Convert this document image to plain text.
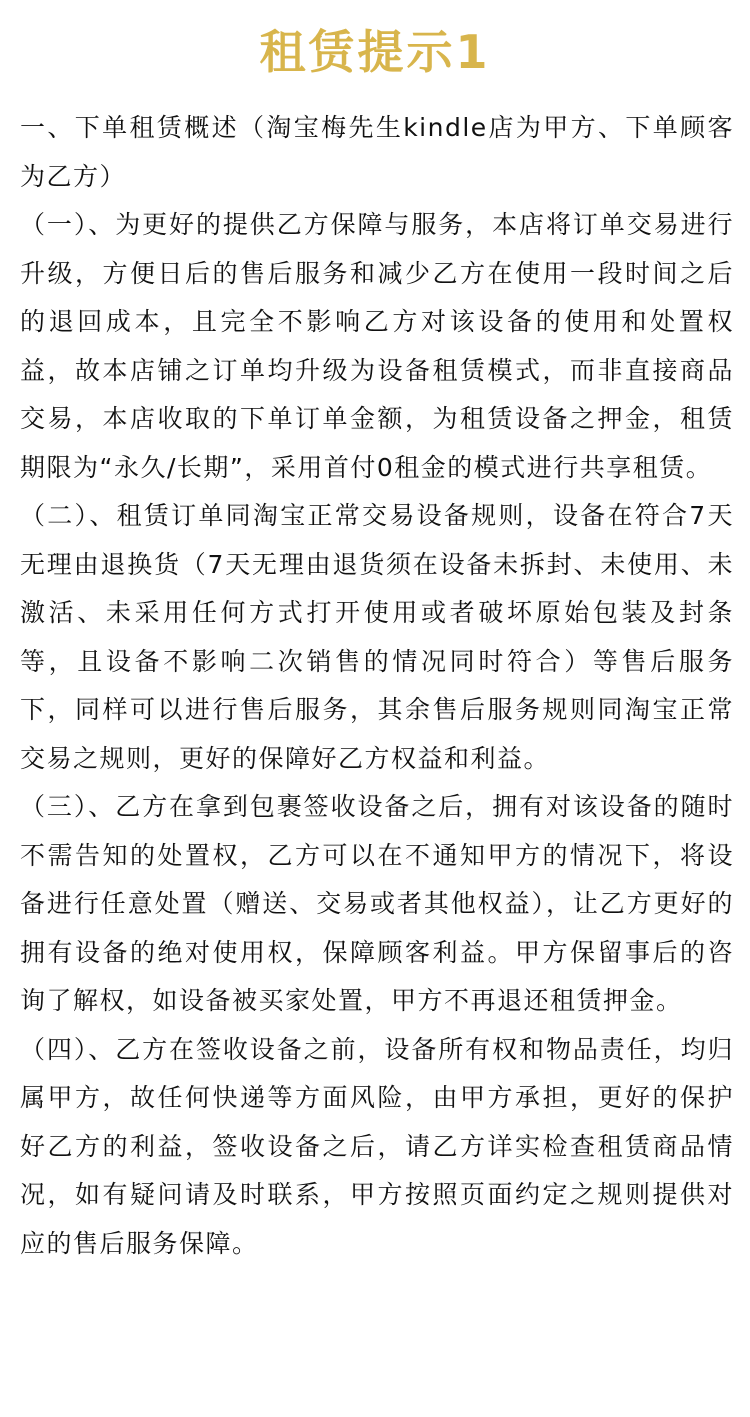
租赁提示1

一、下单租赁概述（淘宝梅先生kindle店为甲方、下单顾客为乙方）

（一）、为更好的提供乙方保障与服务，本店将订单交易进行升级，方便日后的售后服务和减少乙方在使用一段时间之后的退回成本，且完全不影响乙方对该设备的使用和处置权益，故本店铺之订单均升级为设备租赁模式，而非直接商品交易，本店收取的下单订单金额，为租赁设备之押金，租赁期限为“永久/长期”，采用首付0租金的模式进行共享租赁。

（二）、租赁订单同淘宝正常交易设备规则，设备在符合7天无理由退换货（7天无理由退货须在设备未拆封、未使用、未激活、未采用任何方式打开使用或者破坏原始包装及封条等，且设备不影响二次销售的情况同时符合）等售后服务下，同样可以进行售后服务，其余售后服务规则同淘宝正常交易之规则，更好的保障好乙方权益和利益。

（三）、乙方在拿到包裹签收设备之后，拥有对该设备的随时不需告知的处置权，乙方可以在不通知甲方的情况下，将设备进行任意处置（赠送、交易或者其他权益），让乙方更好的拥有设备的绝对使用权，保障顾客利益。甲方保留事后的咨询了解权，如设备被买家处置，甲方不再退还租赁押金。

（四）、乙方在签收设备之前，设备所有权和物品责任，均归属甲方，故任何快递等方面风险，由甲方承担，更好的保护好乙方的利益，签收设备之后，请乙方详实检查租赁商品情况，如有疑问请及时联系，甲方按照页面约定之规则提供对应的售后服务保障。
